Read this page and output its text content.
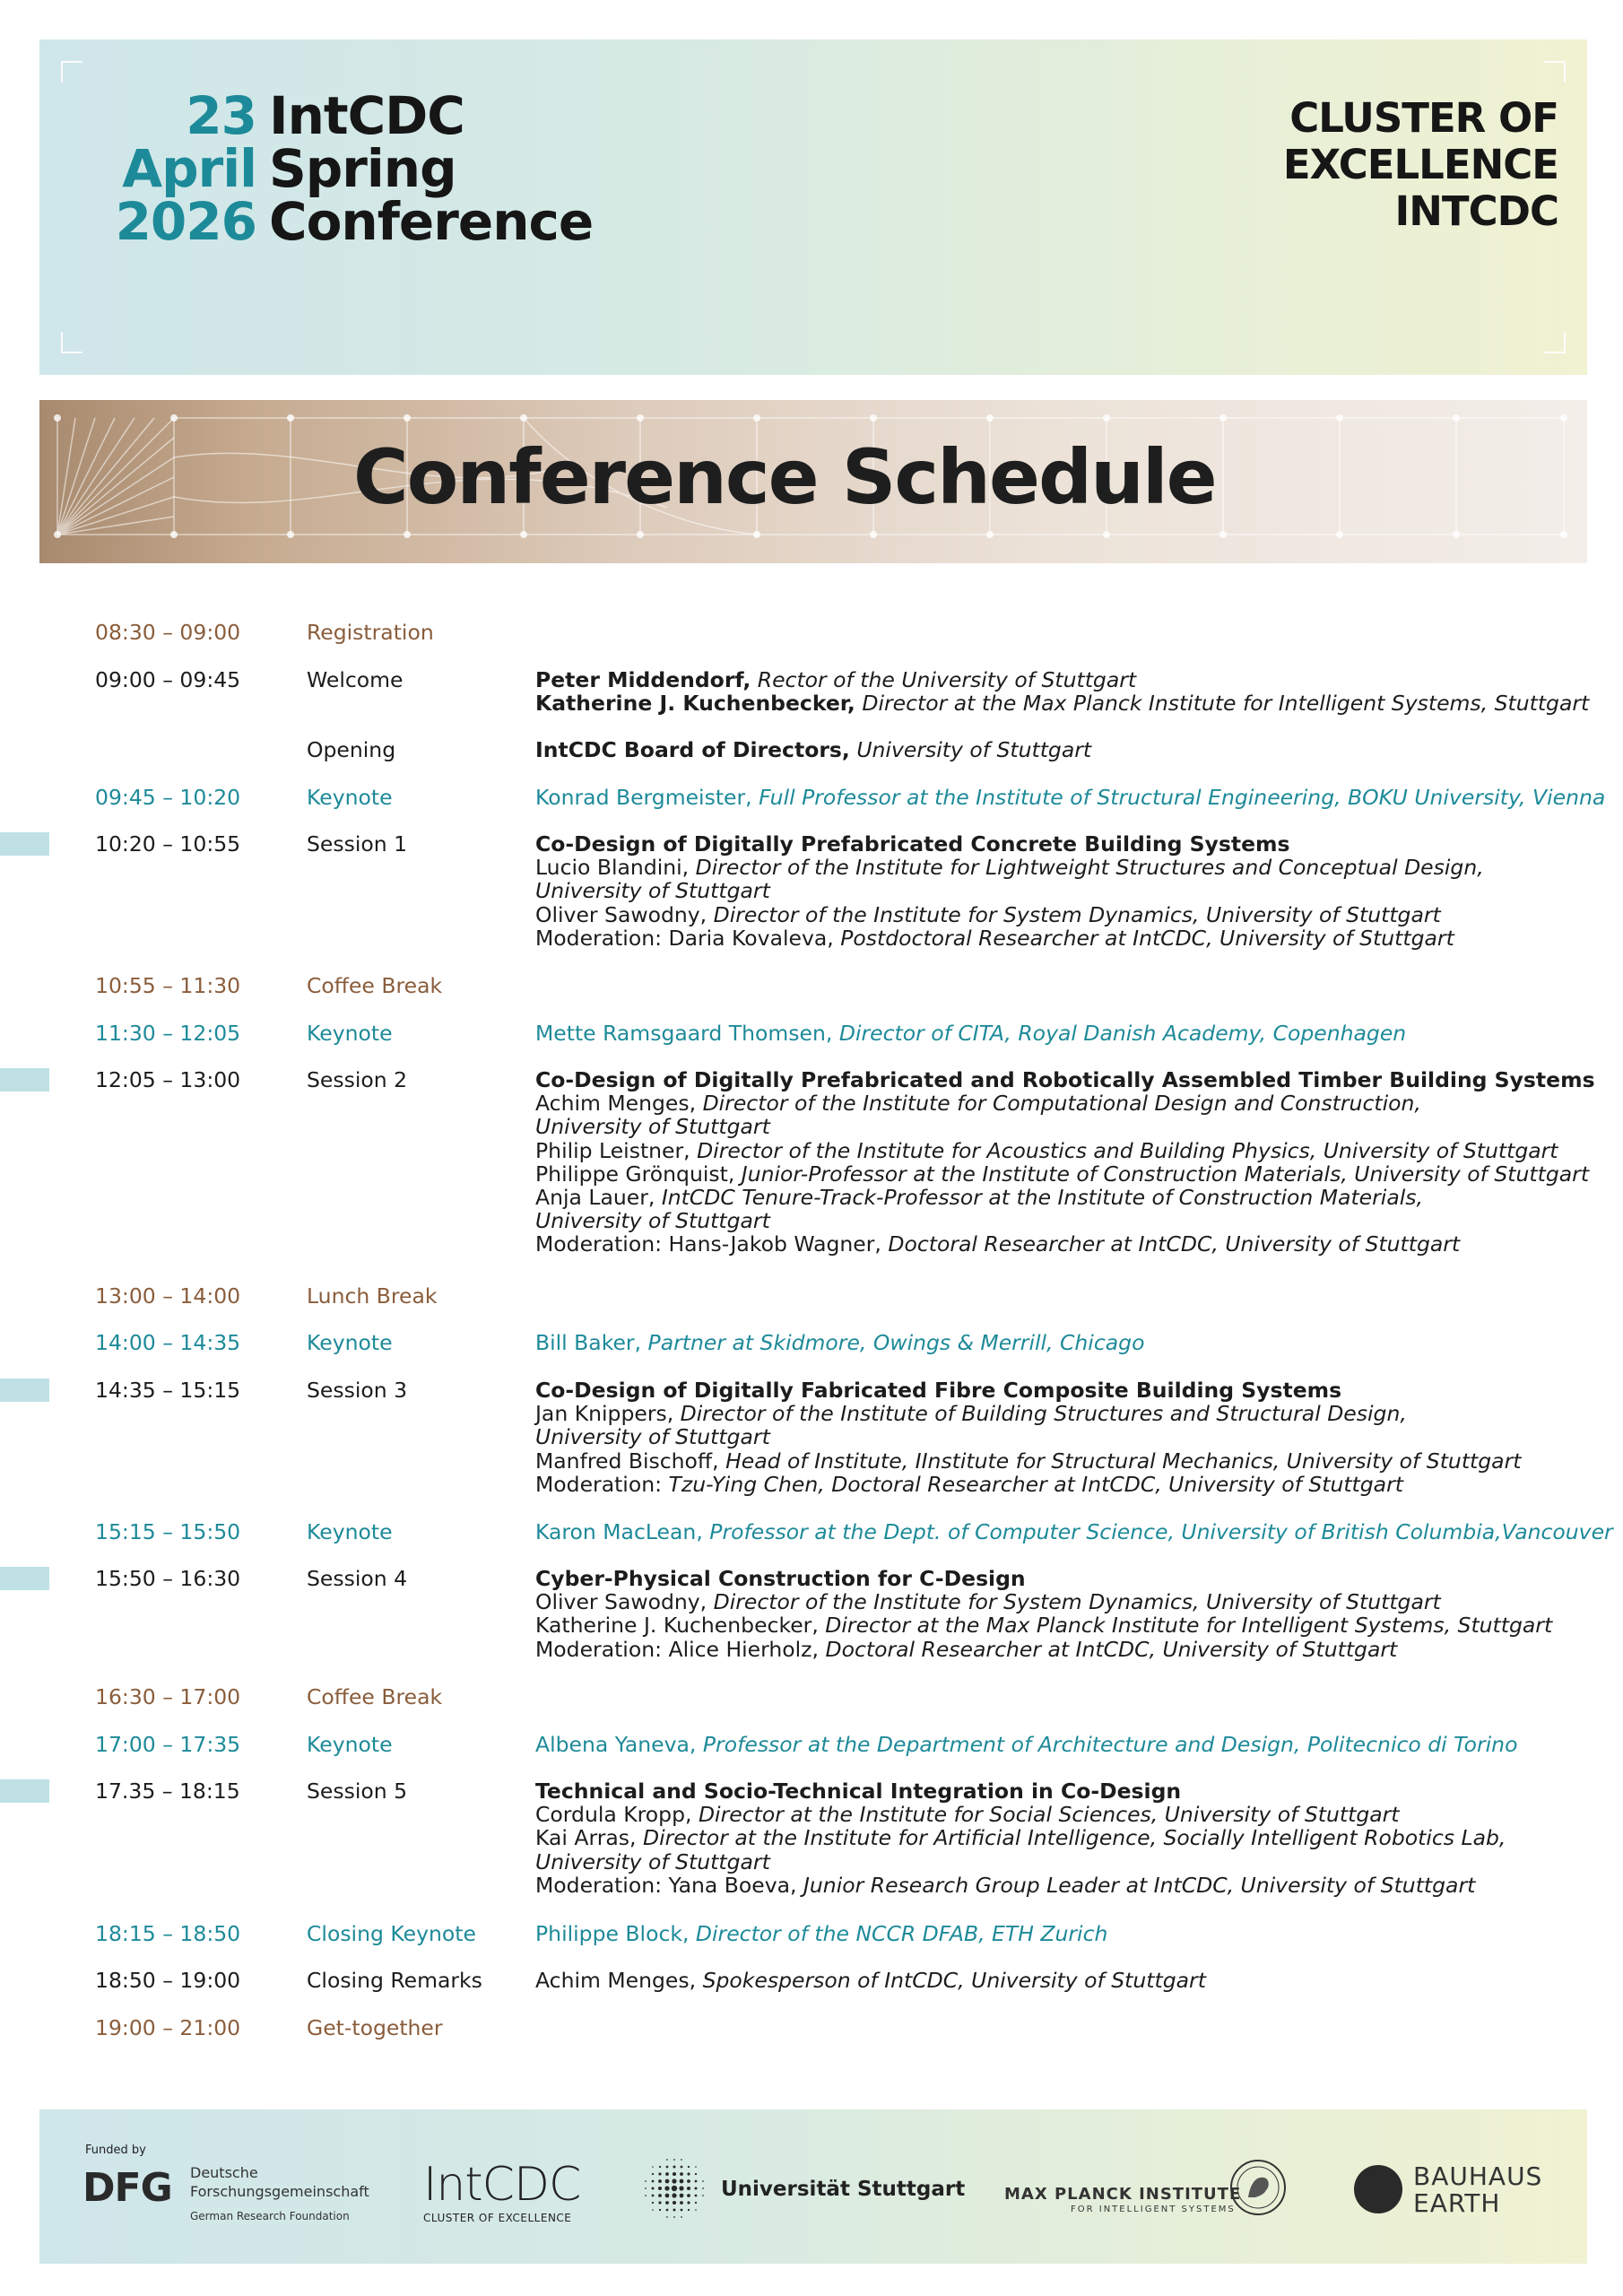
23
April
2026
IntCDC
Spring
Conference
CLUSTER OF
EXCELLENCE
INTCDC
Conference Schedule
08:30 – 09:00	Registration
09:00 – 09:45	Welcome	Peter Middendorf, Rector of the University of Stuttgart
Katherine J. Kuchenbecker, Director at the Max Planck Institute for Intelligent Systems, Stuttgart
Opening	IntCDC Board of Directors, University of Stuttgart
09:45 – 10:20	Keynote	Konrad Bergmeister, Full Professor at the Institute of Structural Engineering, BOKU University, Vienna
10:20 – 10:55	Session 1	Co-Design of Digitally Prefabricated Concrete Building Systems
Lucio Blandini, Director of the Institute for Lightweight Structures and Conceptual Design,
University of Stuttgart
Oliver Sawodny, Director of the Institute for System Dynamics, University of Stuttgart
Moderation: Daria Kovaleva, Postdoctoral Researcher at IntCDC, University of Stuttgart
10:55 – 11:30	Coffee Break
11:30 – 12:05	Keynote	Mette Ramsgaard Thomsen, Director of CITA, Royal Danish Academy, Copenhagen
12:05 – 13:00	Session 2	Co-Design of Digitally Prefabricated and Robotically Assembled Timber Building Systems
Achim Menges, Director of the Institute for Computational Design and Construction,
University of Stuttgart
Philip Leistner, Director of the Institute for Acoustics and Building Physics, University of Stuttgart
Philippe Grönquist, Junior-Professor at the Institute of Construction Materials, University of Stuttgart
Anja Lauer, IntCDC Tenure-Track-Professor at the Institute of Construction Materials,
University of Stuttgart
Moderation: Hans-Jakob Wagner, Doctoral Researcher at IntCDC, University of Stuttgart
13:00 – 14:00	Lunch Break
14:00 – 14:35	Keynote	Bill Baker, Partner at Skidmore, Owings & Merrill, Chicago
14:35 – 15:15	Session 3	Co-Design of Digitally Fabricated Fibre Composite Building Systems
Jan Knippers, Director of the Institute of Building Structures and Structural Design,
University of Stuttgart
Manfred Bischoff, Head of Institute, IInstitute for Structural Mechanics, University of Stuttgart
Moderation: Tzu-Ying Chen, Doctoral Researcher at IntCDC, University of Stuttgart
15:15 – 15:50	Keynote	Karon MacLean, Professor at the Dept. of Computer Science, University of British Columbia,Vancouver
15:50 – 16:30	Session 4	Cyber-Physical Construction for C-Design
Oliver Sawodny, Director of the Institute for System Dynamics, University of Stuttgart
Katherine J. Kuchenbecker, Director at the Max Planck Institute for Intelligent Systems, Stuttgart
Moderation: Alice Hierholz, Doctoral Researcher at IntCDC, University of Stuttgart
16:30 – 17:00	Coffee Break
17:00 – 17:35	Keynote	Albena Yaneva, Professor at the Department of Architecture and Design, Politecnico di Torino
17.35 – 18:15	Session 5	Technical and Socio-Technical Integration in Co-Design
Cordula Kropp, Director at the Institute for Social Sciences, University of Stuttgart
Kai Arras, Director at the Institute for Artificial Intelligence, Socially Intelligent Robotics Lab,
University of Stuttgart
Moderation: Yana Boeva, Junior Research Group Leader at IntCDC, University of Stuttgart
18:15 – 18:50	Closing Keynote	Philippe Block, Director of the NCCR DFAB, ETH Zurich
18:50 – 19:00	Closing Remarks	Achim Menges, Spokesperson of IntCDC, University of Stuttgart
19:00 – 21:00	Get-together
Funded by
DFG Deutsche
Forschungsgemeinschaft
German Research Foundation
IntCDC
CLUSTER OF EXCELLENCE
Universität Stuttgart MAX PLANCK INSTITUTE
FOR INTELLIGENT SYSTEMS
BAUHAUS
EARTH
